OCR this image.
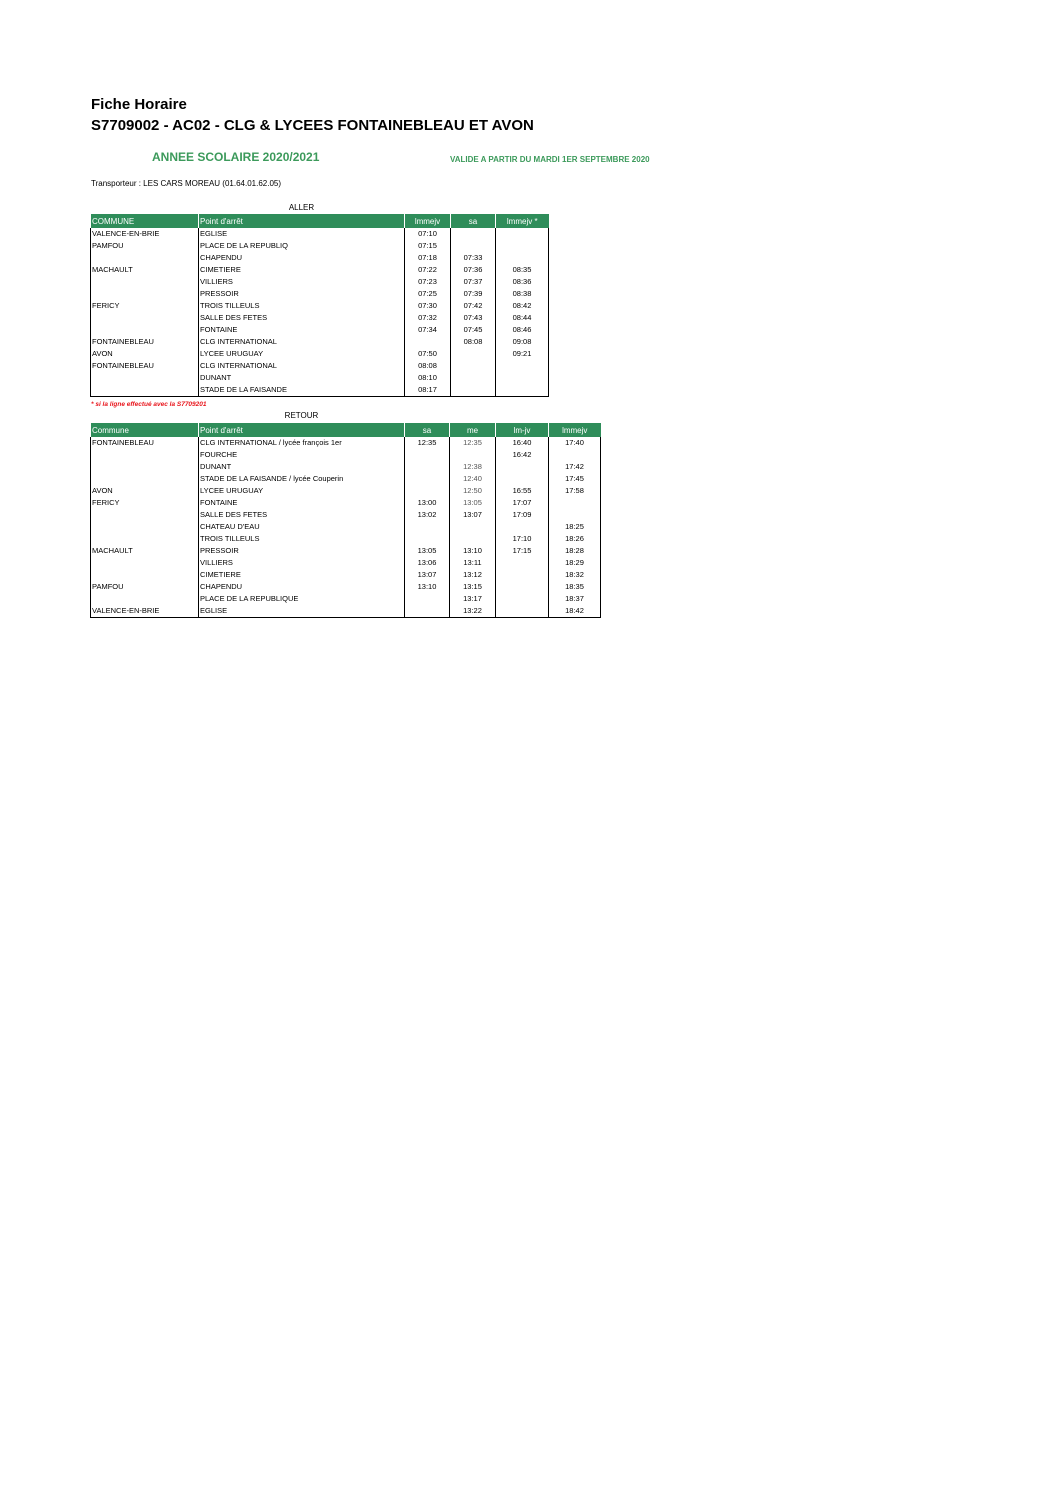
Fiche Horaire
S7709002 - AC02 - CLG & LYCEES FONTAINEBLEAU ET AVON
ANNEE SCOLAIRE 2020/2021	VALIDE A PARTIR DU MARDI 1ER SEPTEMBRE 2020
Transporteur : LES CARS MOREAU (01.64.01.62.05)
ALLER
COMMUNE	Point d'arrêt	lmmejv	sa	lmmejv *
VALENCE-EN-BRIE	EGLISE	07:10		
PAMFOU	PLACE DE LA REPUBLIQ	07:15		
	CHAPENDU	07:18	07:33	
MACHAULT	CIMETIERE	07:22	07:36	08:35
	VILLIERS	07:23	07:37	08:36
	PRESSOIR	07:25	07:39	08:38
FERICY	TROIS TILLEULS	07:30	07:42	08:42
	SALLE DES FETES	07:32	07:43	08:44
	FONTAINE	07:34	07:45	08:46
FONTAINEBLEAU	CLG INTERNATIONAL		08:08	09:08
AVON	LYCEE URUGUAY	07:50		09:21
FONTAINEBLEAU	CLG INTERNATIONAL	08:08		
	DUNANT	08:10		
	STADE DE LA FAISANDE	08:17		
* si la ligne effectué avec la S7709201
RETOUR
Commune	Point d'arrêt	sa	me	lm-jv	lmmejv
FONTAINEBLEAU	CLG INTERNATIONAL / lycée françois 1er	12:35	12:35	16:40	17:40
	FOURCHE			16:42	
	DUNANT		12:38		17:42
	STADE DE LA FAISANDE / lycée Couperin		12:40		17:45
AVON	LYCEE URUGUAY		12:50	16:55	17:58
FERICY	FONTAINE	13:00	13:05	17:07	
	SALLE DES FETES	13:02	13:07	17:09	
	CHATEAU D'EAU				18:25
	TROIS TILLEULS			17:10	18:26
MACHAULT	PRESSOIR	13:05	13:10	17:15	18:28
	VILLIERS	13:06	13:11		18:29
	CIMETIERE	13:07	13:12		18:32
PAMFOU	CHAPENDU	13:10	13:15		18:35
	PLACE DE LA REPUBLIQUE		13:17		18:37
VALENCE-EN-BRIE	EGLISE		13:22		18:42
